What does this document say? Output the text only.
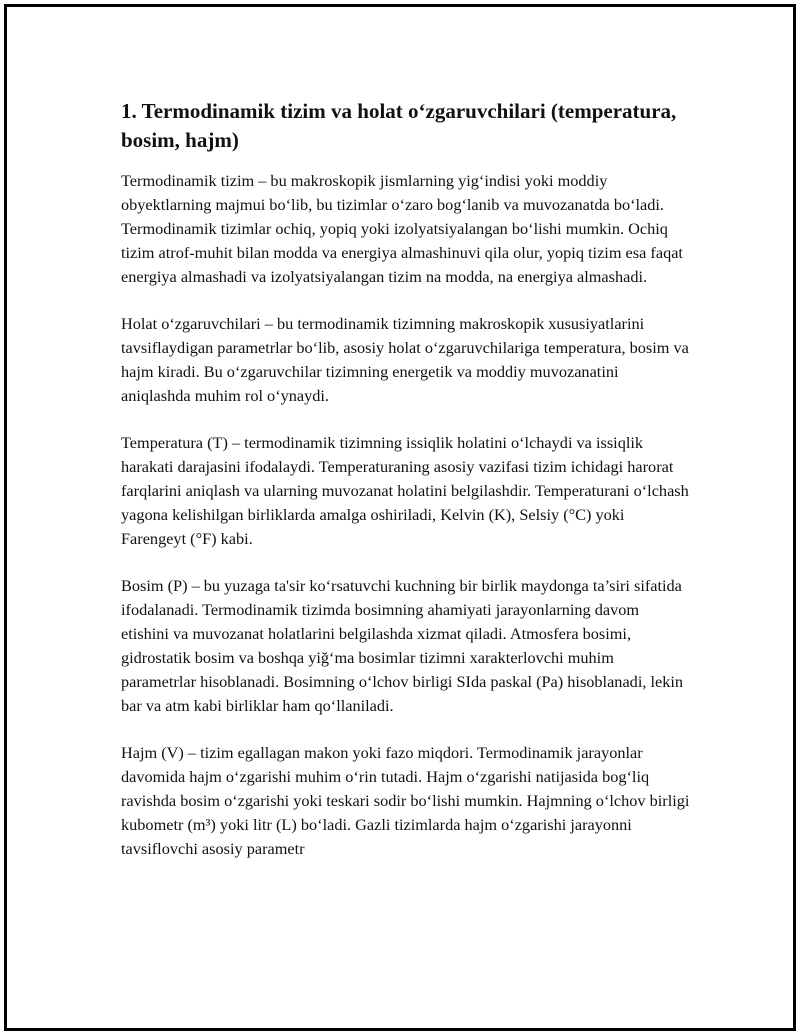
1. Termodinamik tizim va holat o‘zgaruvchilari (temperatura, bosim, hajm)

Termodinamik tizim – bu makroskopik jismlarning yig‘indisi yoki moddiy obyektlarning majmui bo‘lib, bu tizimlar o‘zaro bog‘lanib va muvozanatda bo‘ladi. Termodinamik tizimlar ochiq, yopiq yoki izolyatsiyalangan bo‘lishi mumkin. Ochiq tizim atrof-muhit bilan modda va energiya almashinuvi qila olur, yopiq tizim esa faqat energiya almashadi va izolyatsiyalangan tizim na modda, na energiya almashadi.

Holat o‘zgaruvchilari – bu termodinamik tizimning makroskopik xususiyatlarini tavsiflaydigan parametrlar bo‘lib, asosiy holat o‘zgaruvchilariga temperatura, bosim va hajm kiradi. Bu o‘zgaruvchilar tizimning energetik va moddiy muvozanatini aniqlashda muhim rol o‘ynaydi.

Temperatura (T) – termodinamik tizimning issiqlik holatini o‘lchaydi va issiqlik harakati darajasini ifodalaydi. Temperaturaning asosiy vazifasi tizim ichidagi harorat farqlarini aniqlash va ularning muvozanat holatini belgilashdir. Temperaturani o‘lchash yagona kelishilgan birliklarda amalga oshiriladi, Kelvin (K), Selsiy (°C) yoki Farengeyt (°F) kabi.

Bosim (P) – bu yuzaga ta'sir ko‘rsatuvchi kuchning bir birlik maydonga ta’siri sifatida ifodalanadi. Termodinamik tizimda bosimning ahamiyati jarayonlarning davom etishini va muvozanat holatlarini belgilashda xizmat qiladi. Atmosfera bosimi, gidrostatik bosim va boshqa yiğ‘ma bosimlar tizimni xarakterlovchi muhim parametrlar hisoblanadi. Bosimning o‘lchov birligi SIda paskal (Pa) hisoblanadi, lekin bar va atm kabi birliklar ham qo‘llaniladi.

Hajm (V) – tizim egallagan makon yoki fazo miqdori. Termodinamik jarayonlar davomida hajm o‘zgarishi muhim o‘rin tutadi. Hajm o‘zgarishi natijasida bog‘liq ravishda bosim o‘zgarishi yoki teskari sodir bo‘lishi mumkin. Hajmning o‘lchov birligi kubometr (m³) yoki litr (L) bo‘ladi. Gazli tizimlarda hajm o‘zgarishi jarayonni tavsiflovchi asosiy parametr
